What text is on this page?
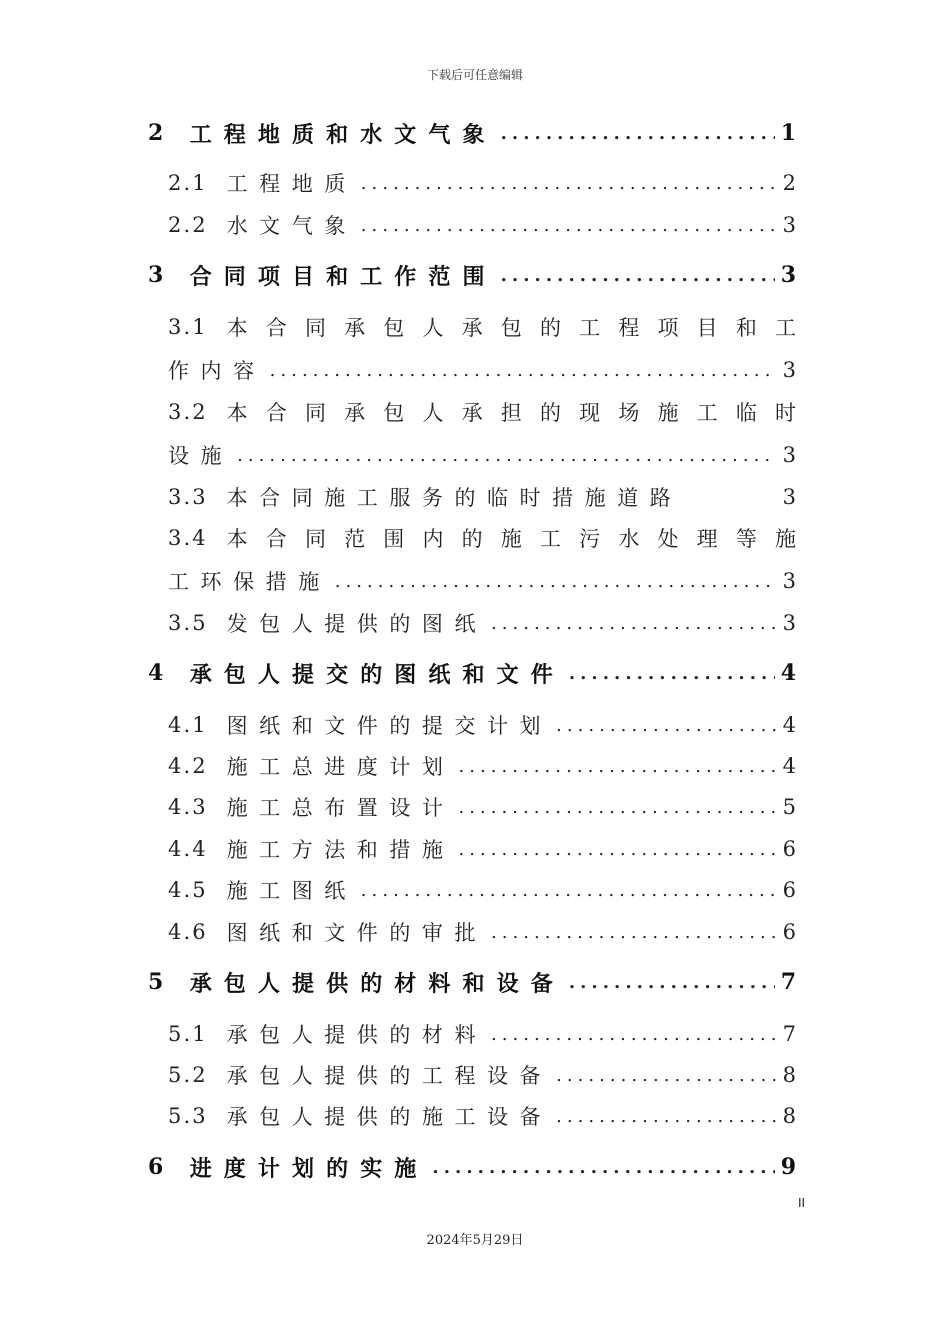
下载后可任意编辑
2 工程地质和水文气象 .....	1
2.1 工程地质 .....	2
2.2 水文气象 .....	3
3 合同项目和工作范围 .....	3
3.1 本 合 同 承 包 人 承 包 的 工 程 项 目 和 工
作内容 .....	3
3.2 本 合 同 承 包 人 承 担 的 现 场 施 工 临 时
设施 .....	3
3.3 本合同施工服务的临时措施道路	3
3.4 本 合 同 范 围 内 的 施 工 污 水 处 理 等 施
工环保措施 .....	3
3.5 发包人提供的图纸 .....	3
4 承包人提交的图纸和文件 .....	4
4.1 图纸和文件的提交计划 .....	4
4.2 施工总进度计划 .....	4
4.3 施工总布置设计 .....	5
4.4 施工方法和措施 .....	6
4.5 施工图纸 .....	6
4.6 图纸和文件的审批 .....	6
5 承包人提供的材料和设备 .....	7
5.1 承包人提供的材料 .....	7
5.2 承包人提供的工程设备 .....	8
5.3 承包人提供的施工设备 .....	8
6 进度计划的实施 .....	9
II
2024年5月29日
